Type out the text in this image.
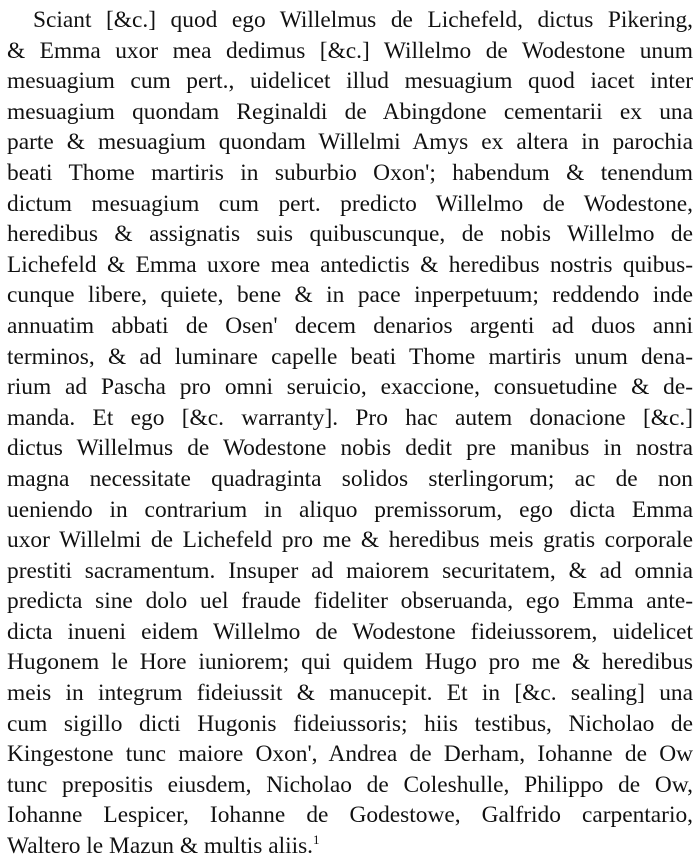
Sciant [&c.] quod ego Willelmus de Lichefeld, dictus Pikering,
& Emma uxor mea dedimus [&c.] Willelmo de Wodestone unum
mesuagium cum pert., uidelicet illud mesuagium quod iacet inter
mesuagium quondam Reginaldi de Abingdone cementarii ex una
parte & mesuagium quondam Willelmi Amys ex altera in parochia
beati Thome martiris in suburbio Oxon'; habendum & tenendum
dictum mesuagium cum pert. predicto Willelmo de Wodestone,
heredibus & assignatis suis quibuscunque, de nobis Willelmo de
Lichefeld & Emma uxore mea antedictis & heredibus nostris quibus-
cunque libere, quiete, bene & in pace inperpetuum; reddendo inde
annuatim abbati de Osen' decem denarios argenti ad duos anni
terminos, & ad luminare capelle beati Thome martiris unum dena-
rium ad Pascha pro omni seruicio, exaccione, consuetudine & de-
manda. Et ego [&c. warranty]. Pro hac autem donacione [&c.]
dictus Willelmus de Wodestone nobis dedit pre manibus in nostra
magna necessitate quadraginta solidos sterlingorum; ac de non
ueniendo in contrarium in aliquo premissorum, ego dicta Emma
uxor Willelmi de Lichefeld pro me & heredibus meis gratis corporale
prestiti sacramentum. Insuper ad maiorem securitatem, & ad omnia
predicta sine dolo uel fraude fideliter obseruanda, ego Emma ante-
dicta inueni eidem Willelmo de Wodestone fideiussorem, uidelicet
Hugonem le Hore iuniorem; qui quidem Hugo pro me & heredibus
meis in integrum fideiussit & manucepit. Et in [&c. sealing] una
cum sigillo dicti Hugonis fideiussoris; hiis testibus, Nicholao de
Kingestone tunc maiore Oxon', Andrea de Derham, Iohanne de Ow
tunc prepositis eiusdem, Nicholao de Coleshulle, Philippo de Ow,
Iohanne Lespicer, Iohanne de Godestowe, Galfrido carpentario,
Waltero le Mazun & multis aliis.$^1$
